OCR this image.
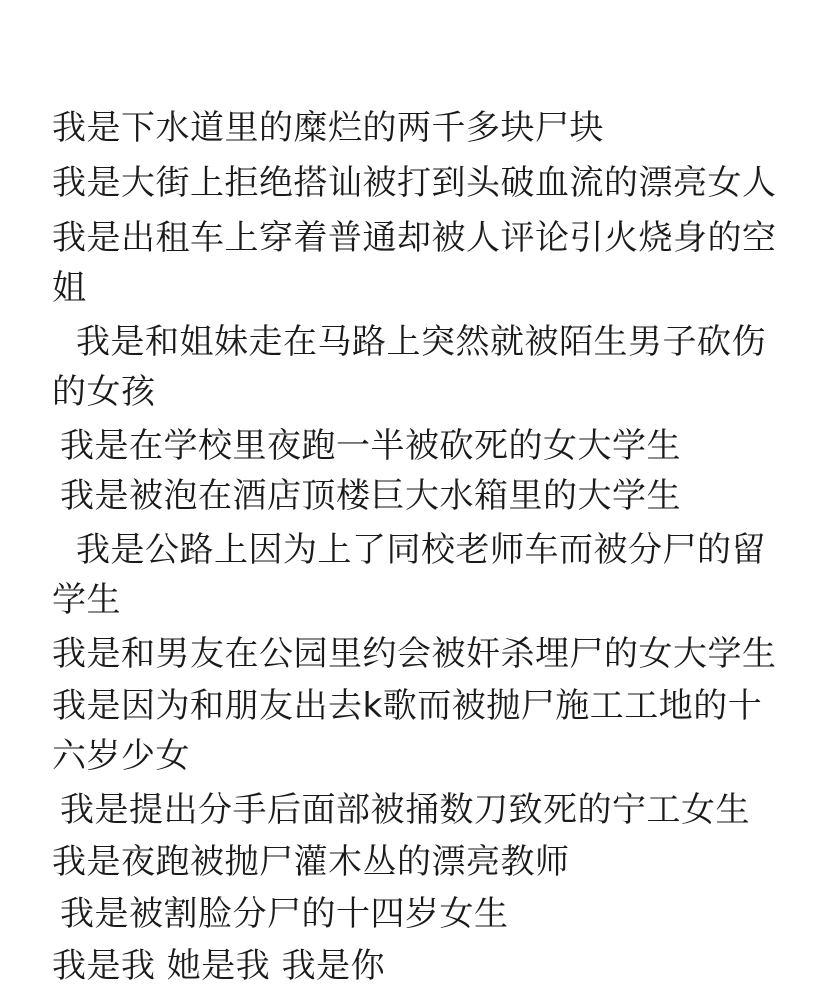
我是下水道里的糜烂的两千多块尸块
我是大街上拒绝搭讪被打到头破血流的漂亮女人
我是出租车上穿着普通却被人评论引火烧身的空
姐
我是和姐妹走在马路上突然就被陌生男子砍伤
的女孩
我是在学校里夜跑一半被砍死的女大学生
我是被泡在酒店顶楼巨大水箱里的大学生
我是公路上因为上了同校老师车而被分尸的留
学生
我是和男友在公园里约会被奸杀埋尸的女大学生
我是因为和朋友出去k歌而被抛尸施工工地的十
六岁少女
我是提出分手后面部被捅数刀致死的宁工女生
我是夜跑被抛尸灌木丛的漂亮教师
我是被割脸分尸的十四岁女生
我是我 她是我 我是你
